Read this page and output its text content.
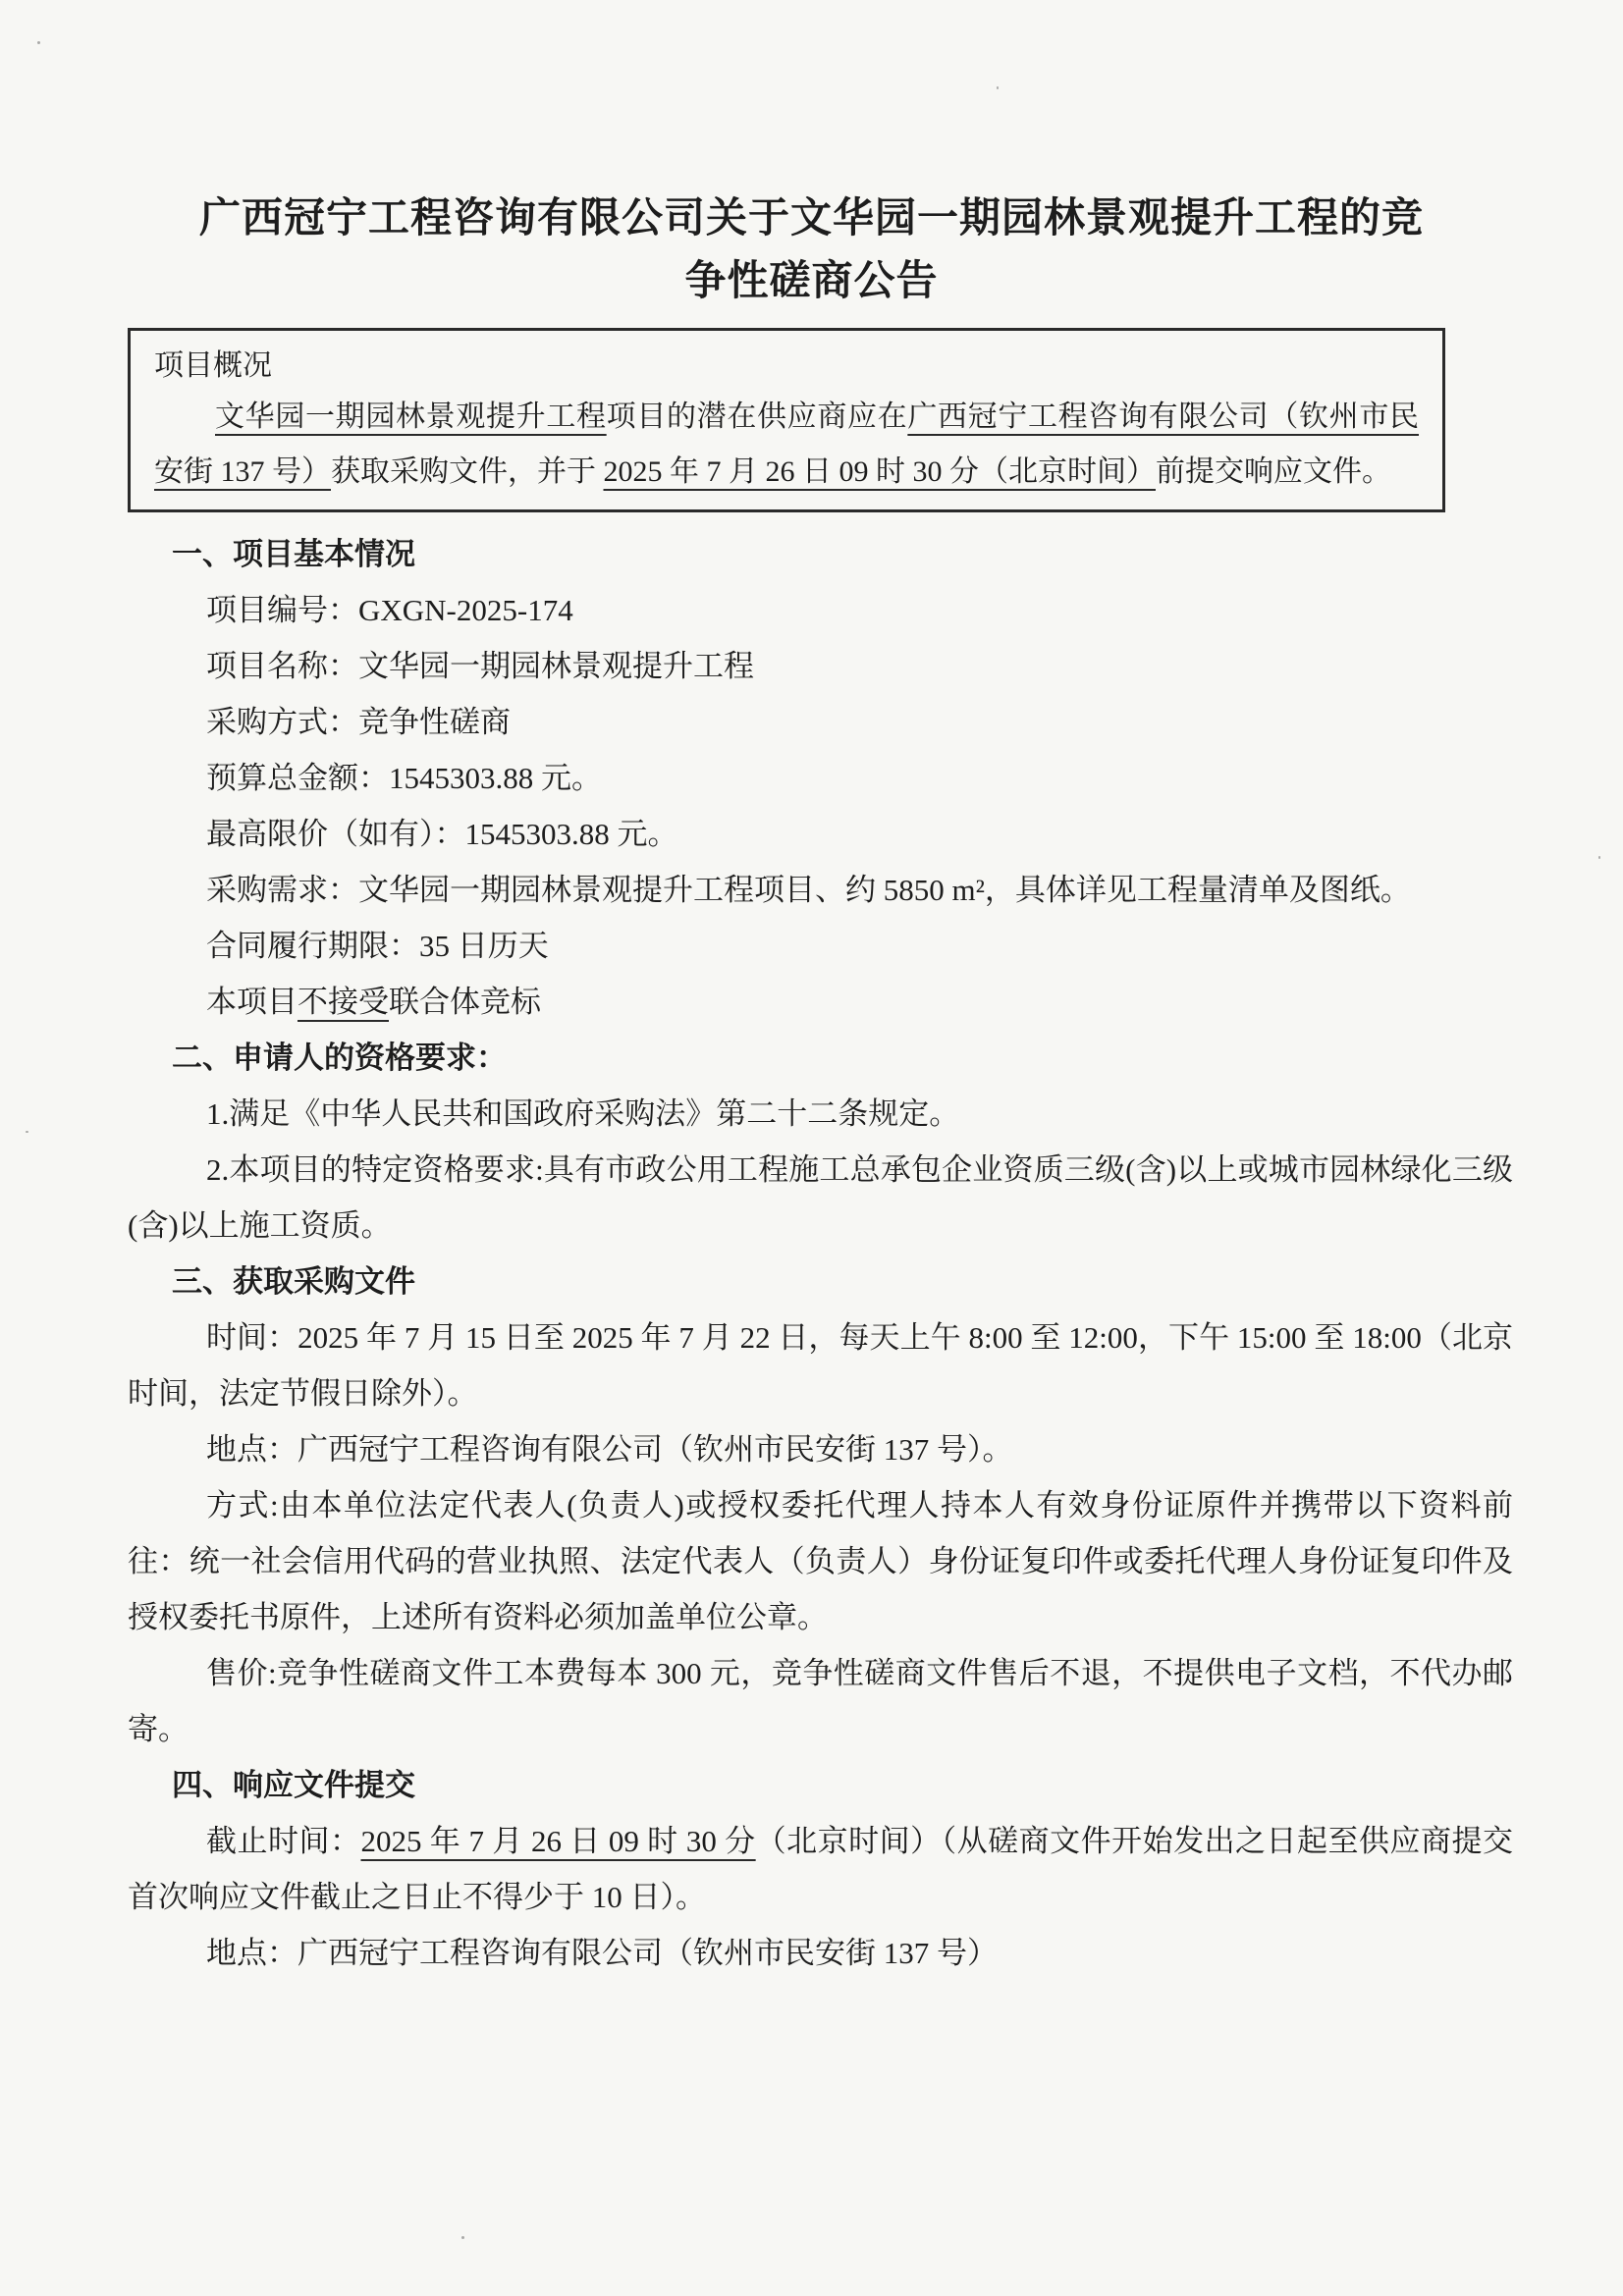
广西冠宁工程咨询有限公司关于文华园一期园林景观提升工程的竞
争性磋商公告
项目概况

文华园一期园林景观提升工程项目的潜在供应商应在广西冠宁工程咨询有限公司（钦州市民安街 137 号）获取采购文件，并于 2025 年 7 月 26 日 09 时 30 分（北京时间）前提交响应文件。

一、项目基本情况

项目编号：GXGN-2025-174

项目名称：文华园一期园林景观提升工程

采购方式：竞争性磋商

预算总金额：1545303.88 元。

最高限价（如有）：1545303.88 元。

采购需求：文华园一期园林景观提升工程项目、约 5850 m²，具体详见工程量清单及图纸。

合同履行期限：35 日历天

本项目不接受联合体竞标

二、申请人的资格要求：

1.满足《中华人民共和国政府采购法》第二十二条规定。

2.本项目的特定资格要求:具有市政公用工程施工总承包企业资质三级(含)以上或城市园林绿化三级(含)以上施工资质。

三、获取采购文件

时间：2025 年 7 月 15 日至 2025 年 7 月 22 日，每天上午 8:00 至 12:00，下午 15:00 至 18:00（北京时间，法定节假日除外）。

地点：广西冠宁工程咨询有限公司（钦州市民安街 137 号）。

方式:由本单位法定代表人(负责人)或授权委托代理人持本人有效身份证原件并携带以下资料前往：统一社会信用代码的营业执照、法定代表人（负责人）身份证复印件或委托代理人身份证复印件及授权委托书原件，上述所有资料必须加盖单位公章。

售价:竞争性磋商文件工本费每本 300 元，竞争性磋商文件售后不退，不提供电子文档，不代办邮寄。

四、响应文件提交

截止时间：2025 年 7 月 26 日 09 时 30 分（北京时间）（从磋商文件开始发出之日起至供应商提交首次响应文件截止之日止不得少于 10 日）。

地点：广西冠宁工程咨询有限公司（钦州市民安街 137 号）
